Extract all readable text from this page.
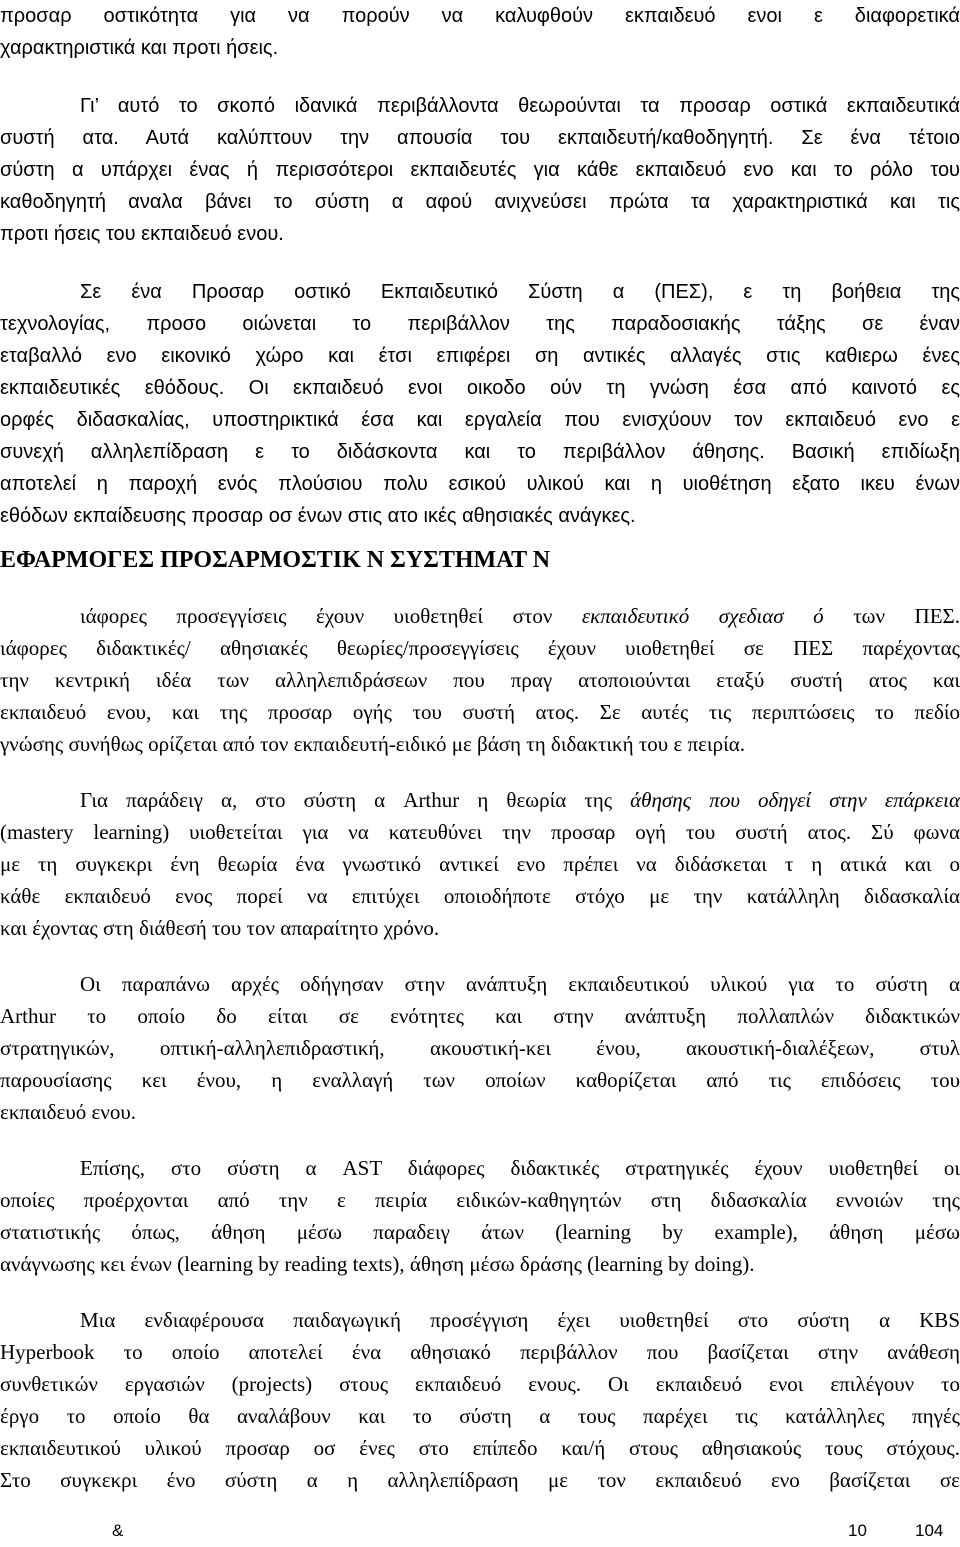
προσαρ οστικότητα για να πορούν να καλυφθούν εκπαιδευό ενοι ε διαφορετικά
χαρακτηριστικά και προτι ήσεις.
Γι’ αυτό το σκοπό ιδανικά περιβάλλοντα θεωρούνται τα προσαρ οστικά εκπαιδευτικά
συστή ατα. Αυτά καλύπτουν την απουσία του εκπαιδευτή/καθοδηγητή. Σε ένα τέτοιο
σύστη α υπάρχει ένας ή περισσότεροι εκπαιδευτές για κάθε εκπαιδευό ενο και το ρόλο του
καθοδηγητή αναλα βάνει το σύστη α αφού ανιχνεύσει πρώτα τα χαρακτηριστικά και τις
προτι ήσεις του εκπαιδευό ενου.
Σε ένα Προσαρ οστικό Εκπαιδευτικό Σύστη α (ΠΕΣ), ε τη βοήθεια της
τεχνολογίας, προσο οιώνεται το περιβάλλον της παραδοσιακής τάξης σε έναν
εταβαλλό ενο εικονικό χώρο και έτσι επιφέρει ση αντικές αλλαγές στις καθιερω ένες
εκπαιδευτικές εθόδους. Οι εκπαιδευό ενοι οικοδο ούν τη γνώση έσα από καινοτό ες
ορφές διδασκαλίας, υποστηρικτικά έσα και εργαλεία που ενισχύουν τον εκπαιδευό ενο ε
συνεχή αλληλεπίδραση ε το διδάσκοντα και το περιβάλλον άθησης. Βασική επιδίωξη
αποτελεί η παροχή ενός πλούσιου πολυ εσικού υλικού και η υιοθέτηση εξατο ικευ ένων
εθόδων εκπαίδευσης προσαρ οσ ένων στις ατο ικές αθησιακές ανάγκες.
ΕΦΑΡΜΟΓΕΣ ΠΡΟΣΑΡΜΟΣΤΙΚ Ν ΣΥΣΤΗΜΑΤ Ν
ιάφορες προσεγγίσεις έχουν υιοθετηθεί στον εκπαιδευτικό σχεδιασ ό των ΠΕΣ.
ιάφορες διδακτικές/ αθησιακές θεωρίες/προσεγγίσεις έχουν υιοθετηθεί σε ΠΕΣ παρέχοντας
την κεντρική ιδέα των αλληλεπιδράσεων που πραγ ατοποιούνται εταξύ συστή ατος και
εκπαιδευό ενου, και της προσαρ ογής του συστή ατος. Σε αυτές τις περιπτώσεις το πεδίο
γνώσης συνήθως ορίζεται από τον εκπαιδευτή-ειδικό με βάση τη διδακτική του ε πειρία.
Για παράδειγ α, στο σύστη α Arthur η θεωρία της άθησης που οδηγεί στην επάρκεια
(mastery learning) υιοθετείται για να κατευθύνει την προσαρ ογή του συστή ατος. Σύ φωνα
με τη συγκεκρι ένη θεωρία ένα γνωστικό αντικεί ενο πρέπει να διδάσκεται τ η ατικά και ο
κάθε εκπαιδευό ενος πορεί να επιτύχει οποιοδήποτε στόχο με την κατάλληλη διδασκαλία
και έχοντας στη διάθεσή του τον απαραίτητο χρόνο.
Οι παραπάνω αρχές οδήγησαν στην ανάπτυξη εκπαιδευτικού υλικού για το σύστη α
Arthur το οποίο δο είται σε ενότητες και στην ανάπτυξη πολλαπλών διδακτικών
στρατηγικών, οπτική-αλληλεπιδραστική, ακουστική-κει ένου, ακουστική-διαλέξεων, στυλ
παρουσίασης κει ένου, η εναλλαγή των οποίων καθορίζεται από τις επιδόσεις του
εκπαιδευό ενου.
Επίσης, στο σύστη α AST διάφορες διδακτικές στρατηγικές έχουν υιοθετηθεί οι
οποίες προέρχονται από την ε πειρία ειδικών-καθηγητών στη διδασκαλία εννοιών της
στατιστικής όπως, άθηση μέσω παραδειγ άτων (learning by example), άθηση μέσω
ανάγνωσης κει ένων (learning by reading texts), άθηση μέσω δράσης (learning by doing).
Μια ενδιαφέρουσα παιδαγωγική προσέγγιση έχει υιοθετηθεί στο σύστη α KBS
Hyperbook το οποίο αποτελεί ένα αθησιακό περιβάλλον που βασίζεται στην ανάθεση
συνθετικών εργασιών (projects) στους εκπαιδευό ενους. Οι εκπαιδευό ενοι επιλέγουν το
έργο το οποίο θα αναλάβουν και το σύστη α τους παρέχει τις κατάλληλες πηγές
εκπαιδευτικού υλικού προσαρ οσ ένες στο επίπεδο και/ή στους αθησιακούς τους στόχους.
Στο συγκεκρι ένο σύστη α η αλληλεπίδραση με τον εκπαιδευό ενο βασίζεται σε
&	10	104
